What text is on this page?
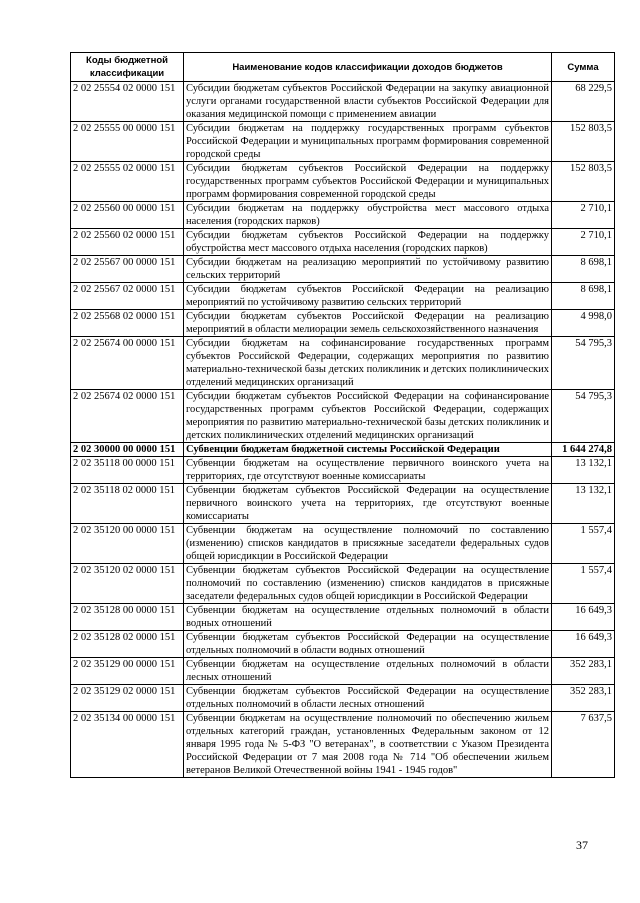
Коды бюджетной классификации	Наименование кодов классификации доходов бюджетов	Сумма
2 02 25554 02 0000 151	Субсидии бюджетам субъектов Российской Федерации на закупку авиационной услуги органами государственной власти субъектов Российской Федерации для оказания медицинской помощи с применением авиации	68 229,5
2 02 25555 00 0000 151	Субсидии бюджетам на поддержку государственных программ субъектов Российской Федерации и муниципальных программ формирования современной городской среды	152 803,5
2 02 25555 02 0000 151	Субсидии бюджетам субъектов Российской Федерации на поддержку государственных программ субъектов Российской Федерации и муниципальных программ формирования современной городской среды	152 803,5
2 02 25560 00 0000 151	Субсидии бюджетам на поддержку обустройства мест массового отдыха населения (городских парков)	2 710,1
2 02 25560 02 0000 151	Субсидии бюджетам субъектов Российской Федерации на поддержку обустройства мест массового отдыха населения (городских парков)	2 710,1
2 02 25567 00 0000 151	Субсидии бюджетам на реализацию мероприятий по устойчивому развитию сельских территорий	8 698,1
2 02 25567 02 0000 151	Субсидии бюджетам субъектов Российской Федерации на реализацию мероприятий по устойчивому развитию сельских территорий	8 698,1
2 02 25568 02 0000 151	Субсидии бюджетам субъектов Российской Федерации на реализацию мероприятий в области мелиорации земель сельскохозяйственного назначения	4 998,0
2 02 25674 00 0000 151	Субсидии бюджетам на софинансирование государственных программ субъектов Российской Федерации, содержащих мероприятия по развитию материально-технической базы детских поликлиник и детских поликлинических отделений медицинских организаций	54 795,3
2 02 25674 02 0000 151	Субсидии бюджетам субъектов Российской Федерации на софинансирование государственных программ субъектов Российской Федерации, содержащих мероприятия по развитию материально-технической базы детских поликлиник и детских поликлинических отделений медицинских организаций	54 795,3
2 02 30000 00 0000 151	Субвенции бюджетам бюджетной системы Российской Федерации	1 644 274,8
2 02 35118 00 0000 151	Субвенции бюджетам на осуществление первичного воинского учета на территориях, где отсутствуют военные комиссариаты	13 132,1
2 02 35118 02 0000 151	Субвенции бюджетам субъектов Российской Федерации на осуществление первичного воинского учета на территориях, где отсутствуют военные комиссариаты	13 132,1
2 02 35120 00 0000 151	Субвенции бюджетам на осуществление полномочий по составлению (изменению) списков кандидатов в присяжные заседатели федеральных судов общей юрисдикции в Российской Федерации	1 557,4
2 02 35120 02 0000 151	Субвенции бюджетам субъектов Российской Федерации на осуществление полномочий по составлению (изменению) списков кандидатов в присяжные заседатели федеральных судов общей юрисдикции в Российской Федерации	1 557,4
2 02 35128 00 0000 151	Субвенции бюджетам на осуществление отдельных полномочий в области водных отношений	16 649,3
2 02 35128 02 0000 151	Субвенции бюджетам субъектов Российской Федерации на осуществление отдельных полномочий в области водных отношений	16 649,3
2 02 35129 00 0000 151	Субвенции бюджетам на осуществление отдельных полномочий в области лесных отношений	352 283,1
2 02 35129 02 0000 151	Субвенции бюджетам субъектов Российской Федерации на осуществление отдельных полномочий в области лесных отношений	352 283,1
2 02 35134 00 0000 151	Субвенции бюджетам на осуществление полномочий по обеспечению жильем отдельных категорий граждан, установленных Федеральным законом от 12 января 1995 года № 5-ФЗ "О ветеранах", в соответствии с Указом Президента Российской Федерации от 7 мая 2008 года № 714 "Об обеспечении жильем ветеранов Великой Отечественной войны 1941 - 1945 годов"	7 637,5
37
